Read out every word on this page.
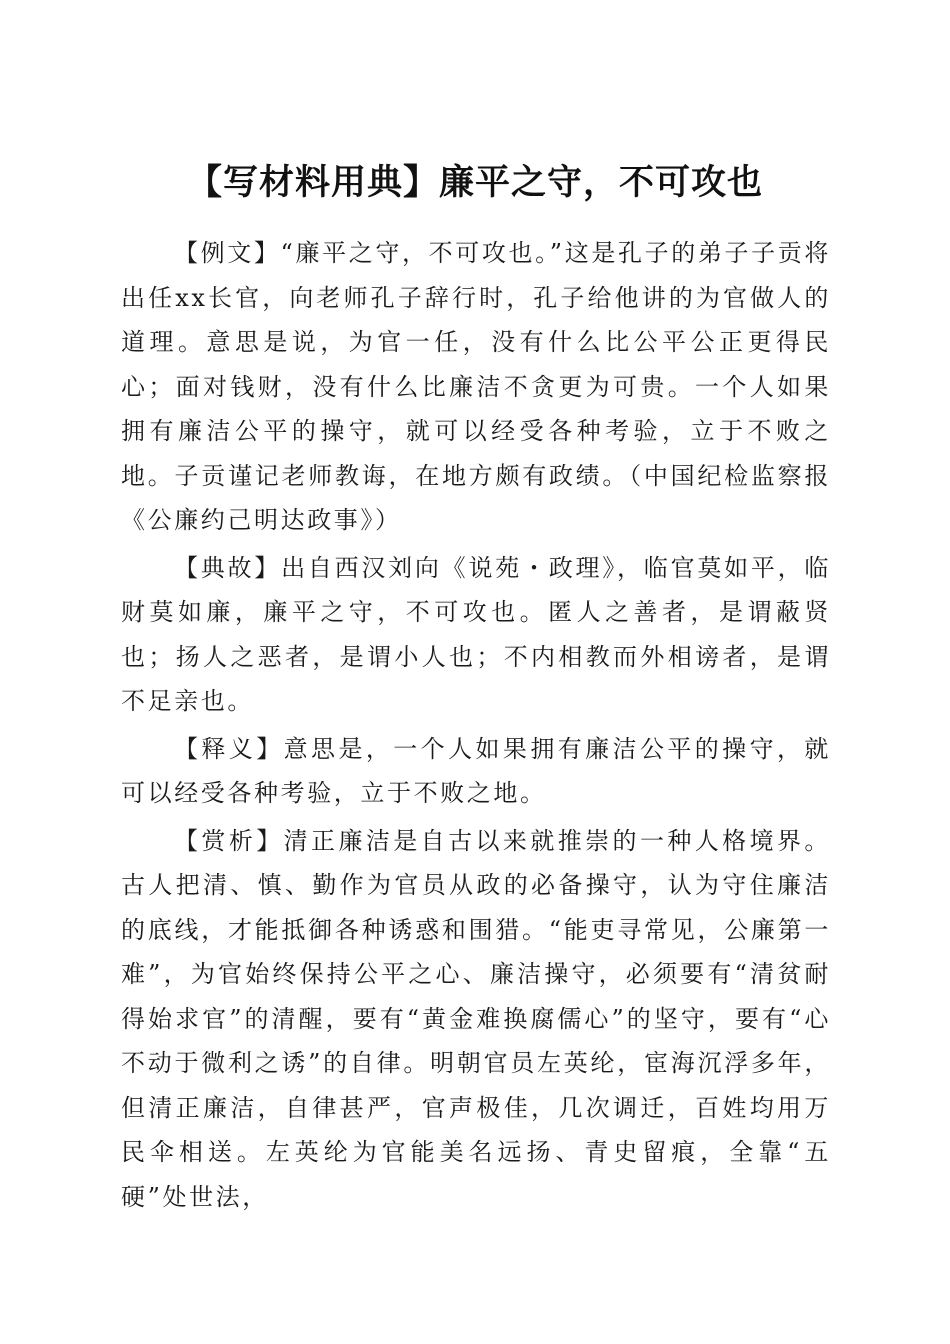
【写材料用典】廉平之守，不可攻也

【例文】“廉平之守，不可攻也。”这是孔子的弟子子贡将出任xx长官，向老师孔子辞行时，孔子给他讲的为官做人的道理。意思是说，为官一任，没有什么比公平公正更得民心；面对钱财，没有什么比廉洁不贪更为可贵。一个人如果拥有廉洁公平的操守，就可以经受各种考验，立于不败之地。子贡谨记老师教诲，在地方颇有政绩。（中国纪检监察报《公廉约己明达政事》）

【典故】出自西汉刘向《说苑・政理》，临官莫如平，临财莫如廉，廉平之守，不可攻也。匿人之善者，是谓蔽贤也；扬人之恶者，是谓小人也；不内相教而外相谤者，是谓不足亲也。

【释义】意思是，一个人如果拥有廉洁公平的操守，就可以经受各种考验，立于不败之地。

【赏析】清正廉洁是自古以来就推崇的一种人格境界。古人把清、慎、勤作为官员从政的必备操守，认为守住廉洁的底线，才能抵御各种诱惑和围猎。“能吏寻常见，公廉第一难”，为官始终保持公平之心、廉洁操守，必须要有“清贫耐得始求官”的清醒，要有“黄金难换腐儒心”的坚守，要有“心不动于微利之诱”的自律。明朝官员左英纶，宦海沉浮多年，但清正廉洁，自律甚严，官声极佳，几次调迁，百姓均用万民伞相送。左英纶为官能美名远扬、青史留痕，全靠“五硬”处世法，
